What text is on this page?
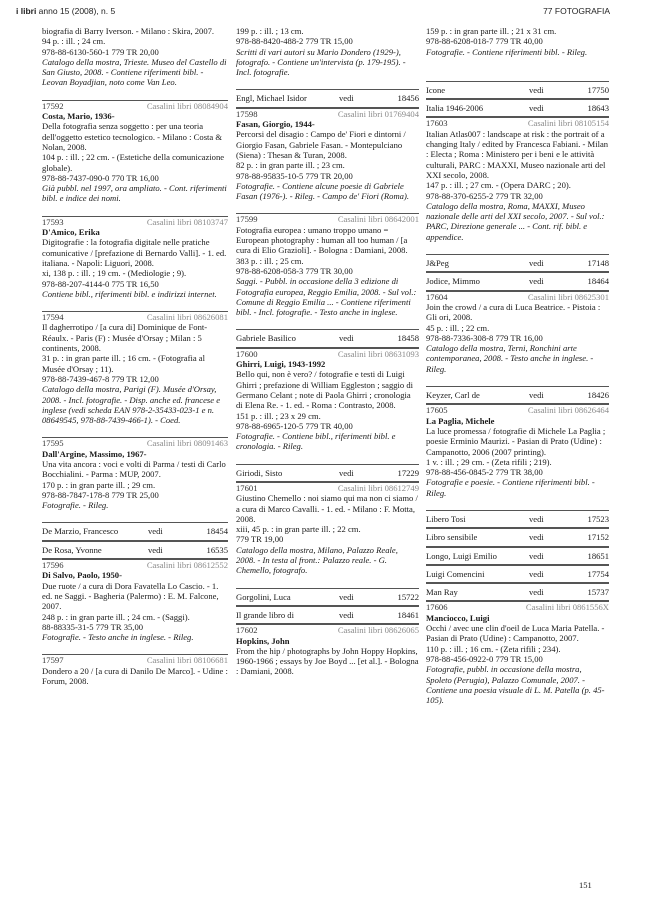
i libri anno 15 (2008), n. 5	77 FOTOGRAFIA

biografia di Barry Iverson. - Milano : Skira, 2007.

94 p. : ill. ; 24 cm.

978-88-6130-560-1 779 TR 20,00

Catalogo della mostra, Trieste. Museo del Castello di San Giusto, 2008. - Contiene riferimenti bibl. - Leovan Boyadjian, noto come Van Leo.

17592	Casalini libri 08084904

Costa, Mario, 1936-

Della fotografia senza soggetto : per una teoria dell'oggetto estetico tecnologico. - Milano : Costa & Nolan, 2008.

104 p. : ill. ; 22 cm. - (Estetiche della comunicazione globale).

978-88-7437-090-0 770 TR 16,00

Già pubbl. nel 1997, ora ampliato. - Cont. riferimenti bibl. e indice dei nomi.

17593	Casalini libri 08103747

D'Amico, Erika

Digitografie : la fotografia digitale nelle pratiche comunicative / [prefazione di Bernardo Valli]. - 1. ed. italiana. - Napoli: Liguori, 2008.

xi, 138 p. : ill. ; 19 cm. - (Mediologie ; 9).

978-88-207-4144-0 775 TR 16,50

Contiene bibl., riferimenti bibl. e indirizzi internet.

17594	Casalini libri 08626081

Il dagherrotipo / [a cura di] Dominique de Font-Réaulx. - Paris (F) : Musée d'Orsay ; Milan : 5 continents, 2008.

31 p. : in gran parte ill. ; 16 cm. - (Fotografia al Musée d'Orsay ; 11).

978-88-7439-467-8 779 TR 12,00

Catalogo della mostra, Parigi (F). Musée d'Orsay, 2008. - Incl. fotografie. - Disp. anche ed. francese e inglese (vedi scheda EAN 978-2-35433-023-1 e n. 08649545, 978-88-7439-466-1). - Coed.

17595	Casalini libri 08091463

Dall'Argine, Massimo, 1967-

Una vita ancora : voci e volti di Parma / testi di Carlo Bocchialini. - Parma : MUP, 2007.

170 p. : in gran parte ill. ; 29 cm.

978-88-7847-178-8 779 TR 25,00

Fotografie. - Rileg.

De Marzio, Francesco	vedi	18454
De Rosa, Yvonne	vedi	16535
17596	Casalini libri 08612552

Di Salvo, Paolo, 1950-

Due ruote / a cura di Dora Favatella Lo Cascio. - 1. ed. ne Saggi. - Bagheria (Palermo) : E. M. Falcone, 2007.

248 p. : in gran parte ill. ; 24 cm. - (Saggi).

88-88335-31-5 779 TR 35,00

Fotografie. - Testo anche in inglese. - Rileg.

17597	Casalini libri 08106681

Dondero a 20 / [a cura di Danilo De Marco]. - Udine : Forum, 2008.

199 p. : ill. ; 13 cm.

978-88-8420-488-2 779 TR 15,00

Scritti di vari autori su Mario Dondero (1929-), fotografo. - Contiene un'intervista (p. 179-195). - Incl. fotografie.

Engl, Michael Isidor	vedi	18456
17598	Casalini libri 01769404

Fasan, Giorgio, 1944-

Percorsi del disagio : Campo de' Fiori e dintorni / Giorgio Fasan, Gabriele Fasan. - Montepulciano (Siena) : Thesan & Turan, 2008.

82 p. : in gran parte ill. ; 23 cm.

978-88-95835-10-5 779 TR 20,00

Fotografie. - Contiene alcune poesie di Gabriele Fasan (1976-). - Rileg. - Campo de' Fiori (Roma).

17599	Casalini libri 08642001

Fotografia europea : umano troppo umano = European photography : human all too human / [a cura di Elio Grazioli]. - Bologna : Damiani, 2008.

383 p. : ill. ; 25 cm.

978-88-6208-058-3 779 TR 30,00

Saggi. - Pubbl. in occasione della 3 edizione di Fotografia europea, Reggio Emilia, 2008. - Sul vol.: Comune di Reggio Emilia ... - Contiene riferimenti bibl. - Incl. fotografie. - Testo anche in inglese.

Gabriele Basilico	vedi	18458
17600	Casalini libri 08631093

Ghirri, Luigi, 1943-1992

Bello qui, non è vero? / fotografie e testi di Luigi Ghirri ; prefazione di William Eggleston ; saggio di Germano Celant ; note di Paola Ghirri ; cronologia di Elena Re. - 1. ed. - Roma : Contrasto, 2008.

151 p. : ill. ; 23 x 29 cm.

978-88-6965-120-5 779 TR 40,00

Fotografie. - Contiene bibl., riferimenti bibl. e cronologia. - Rileg.

Giriodi, Sisto	vedi	17229
17601	Casalini libri 08612749

Giustino Chemello : noi siamo qui ma non ci siamo / a cura di Marco Cavalli. - 1. ed. - Milano : F. Motta, 2008.

xiii, 45 p. : in gran parte ill. ; 22 cm.

779 TR 19,00

Catalogo della mostra, Milano, Palazzo Reale, 2008. - In testa al front.: Palazzo reale. - G. Chemello, fotografo.

Gorgolini, Luca	vedi	15722
Il grande libro di	vedi	18461
17602	Casalini libri 08626065

Hopkins, John

From the hip / photographs by John Hoppy Hopkins, 1960-1966 ; essays by Joe Boyd ... [et al.]. - Bologna : Damiani, 2008.

159 p. : in gran parte ill. ; 21 x 31 cm.

978-88-6208-018-7 779 TR 40,00

Fotografie. - Contiene riferimenti bibl. - Rileg.

Icone	vedi	17750
Italia 1946-2006	vedi	18643
17603	Casalini libri 08105154

Italian Atlas007 : landscape at risk : the portrait of a changing Italy / edited by Francesca Fabiani. - Milan : Electa ; Roma : Ministero per i beni e le attività culturali, PARC : MAXXI, Museo nazionale arti del XXI secolo, 2008.

147 p. : ill. ; 27 cm. - (Opera DARC ; 20).

978-88-370-6255-2 779 TR 32,00

Catalogo della mostra, Roma, MAXXI, Museo nazionale delle arti del XXI secolo, 2007. - Sul vol.: PARC, Direzione generale ... - Cont. rif. bibl. e appendice.

J&Peg	vedi	17148
Jodice, Mimmo	vedi	18464
17604	Casalini libri 08625301

Join the crowd / a cura di Luca Beatrice. - Pistoia : Gli ori, 2008.

45 p. : ill. ; 22 cm.

978-88-7336-308-8 779 TR 16,00

Catalogo della mostra, Terni, Ronchini arte contemporanea, 2008. - Testo anche in inglese. - Rileg.

Keyzer, Carl de	vedi	18426
17605	Casalini libri 08626464

La Paglia, Michele

La luce promessa / fotografie di Michele La Paglia ; poesie Erminio Maurizi. - Pasian di Prato (Udine) : Campanotto, 2006 (2007 printing).

1 v. : ill. ; 29 cm. - (Zeta rifili ; 219).

978-88-456-0845-2 779 TR 38,00

Fotografie e poesie. - Contiene riferimenti bibl. - Rileg.

Libero Tosi	vedi	17523
Libro sensibile	vedi	17152
Longo, Luigi Emilio	vedi	18651
Luigi Comencini	vedi	17754
Man Ray	vedi	15737
17606	Casalini libri 0861556X

Manciocco, Luigi

Occhi / avec une clin d'oeil de Luca Maria Patella. - Pasian di Prato (Udine) : Campanotto, 2007.

110 p. : ill. ; 16 cm. - (Zeta rifili ; 234).

978-88-456-0922-0 779 TR 15,00

Fotografie, pubbl. in occasione della mostra, Spoleto (Perugia), Palazzo Comunale, 2007. - Contiene una poesia visuale di L. M. Patella (p. 45-105).

151
